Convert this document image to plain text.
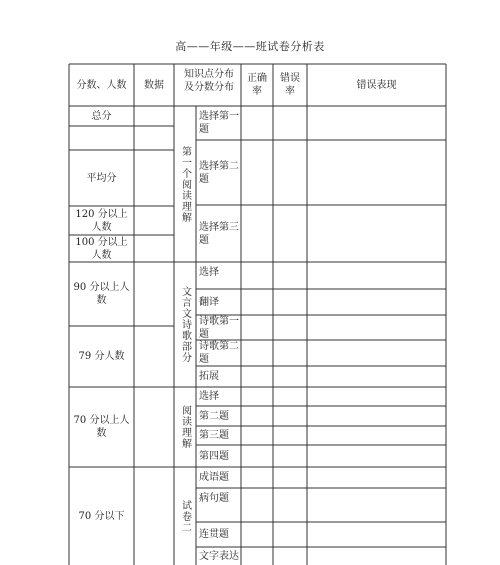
高——年级——班试卷分析表
分数、人数	数据
知识点分布及分数分布
正确率
错误率
错误表现
总分
平均分
120 分以上人数
100 分以上人数
90 分以上人数
79 分人数
70 分以上人数
70 分以下
第一个阅读理解
文言文诗歌部分
阅读理解
试卷二
选择第一题
选择第二题
选择第三题
选择
翻译
诗歌第一题
诗歌第二题
拓展
选择
第二题
第三题
第四题
成语题
病句题
连贯题
文字表达
